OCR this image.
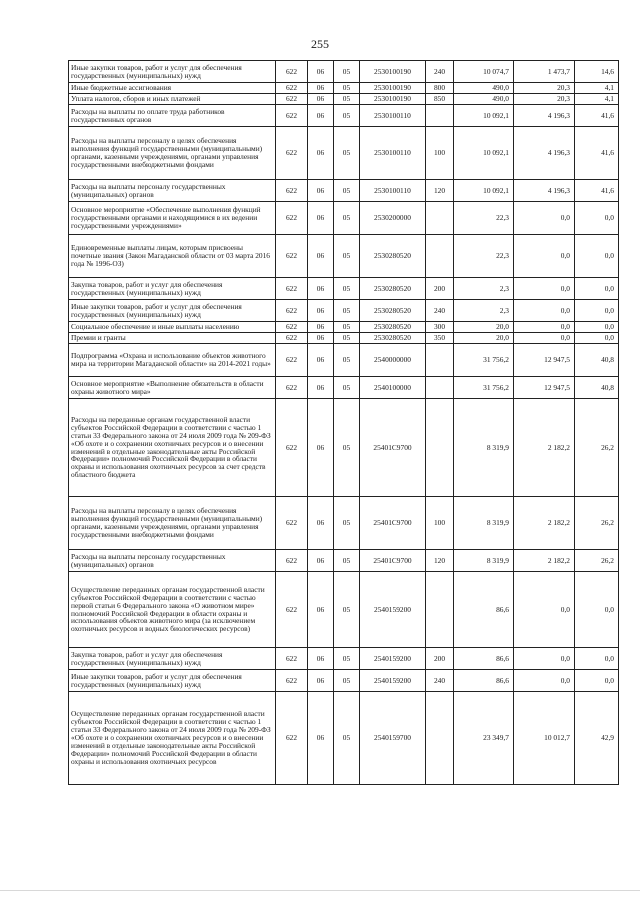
255
Иные закупки товаров, работ и услуг для обеспечения государственных (муниципальных) нужд	622	06	05	2530100190	240	10 074,7	1 473,7	14,6
Иные бюджетные ассигнования	622	06	05	2530100190	800	490,0	20,3	4,1
Уплата налогов, сборов и иных платежей	622	06	05	2530100190	850	490,0	20,3	4,1
Расходы на выплаты по оплате труда работников государственных органов	622	06	05	2530100110		10 092,1	4 196,3	41,6
Расходы на выплаты персоналу в целях обеспечения выполнения функций государственными (муниципальными) органами, казенными учреждениями, органами управления государственными внебюджетными фондами	622	06	05	2530100110	100	10 092,1	4 196,3	41,6
Расходы на выплаты персоналу государственных (муниципальных) органов	622	06	05	2530100110	120	10 092,1	4 196,3	41,6
Основное мероприятие «Обеспечение выполнения функций государственными органами и находящимися в их ведении государственными учреждениями»	622	06	05	2530200000		22,3	0,0	0,0
Единовременные выплаты лицам, которым присвоены почетные звания (Закон Магаданской области от 03 марта 2016 года № 1996-ОЗ)	622	06	05	2530280520		22,3	0,0	0,0
Закупка товаров, работ и услуг для обеспечения государственных (муниципальных) нужд	622	06	05	2530280520	200	2,3	0,0	0,0
Иные закупки товаров, работ и услуг для обеспечения государственных (муниципальных) нужд	622	06	05	2530280520	240	2,3	0,0	0,0
Социальное обеспечение и иные выплаты населению	622	06	05	2530280520	300	20,0	0,0	0,0
Премии и гранты	622	06	05	2530280520	350	20,0	0,0	0,0
Подпрограмма «Охрана и использование объектов животного мира на территории Магаданской области» на 2014-2021 годы»	622	06	05	2540000000		31 756,2	12 947,5	40,8
Основное мероприятие «Выполнение обязательств в области охраны животного мира»	622	06	05	2540100000		31 756,2	12 947,5	40,8
Расходы на переданные органам государственной власти субъектов Российской Федерации в соответствии с частью 1 статьи 33 Федерального закона от 24 июля 2009 года № 209-ФЗ «Об охоте и о сохранении охотничьих ресурсов и о внесении изменений в отдельные законодательные акты Российской Федерации» полномочий Российской Федерации в области охраны и использования охотничьих ресурсов за счет средств областного бюджета	622	06	05	25401С9700		8 319,9	2 182,2	26,2
Расходы на выплаты персоналу в целях обеспечения выполнения функций государственными (муниципальными) органами, казенными учреждениями, органами управления государственными внебюджетными фондами	622	06	05	25401С9700	100	8 319,9	2 182,2	26,2
Расходы на выплаты персоналу государственных (муниципальных) органов	622	06	05	25401С9700	120	8 319,9	2 182,2	26,2
Осуществление переданных органам государственной власти субъектов Российской Федерации в соответствии с частью первой статьи 6 Федерального закона «О животном мире» полномочий Российской Федерации в области охраны и использования объектов животного мира (за исключением охотничьих ресурсов и водных биологических ресурсов)	622	06	05	2540159200		86,6	0,0	0,0
Закупка товаров, работ и услуг для обеспечения государственных (муниципальных) нужд	622	06	05	2540159200	200	86,6	0,0	0,0
Иные закупки товаров, работ и услуг для обеспечения государственных (муниципальных) нужд	622	06	05	2540159200	240	86,6	0,0	0,0
Осуществление переданных органам государственной власти субъектов Российской Федерации в соответствии с частью 1 статьи 33 Федерального закона от 24 июля 2009 года № 209-ФЗ «Об охоте и о сохранении охотничьих ресурсов и о внесении изменений в отдельные законодательные акты Российской Федерации» полномочий Российской Федерации в области охраны и использования охотничьих ресурсов	622	06	05	2540159700		23 349,7	10 012,7	42,9
